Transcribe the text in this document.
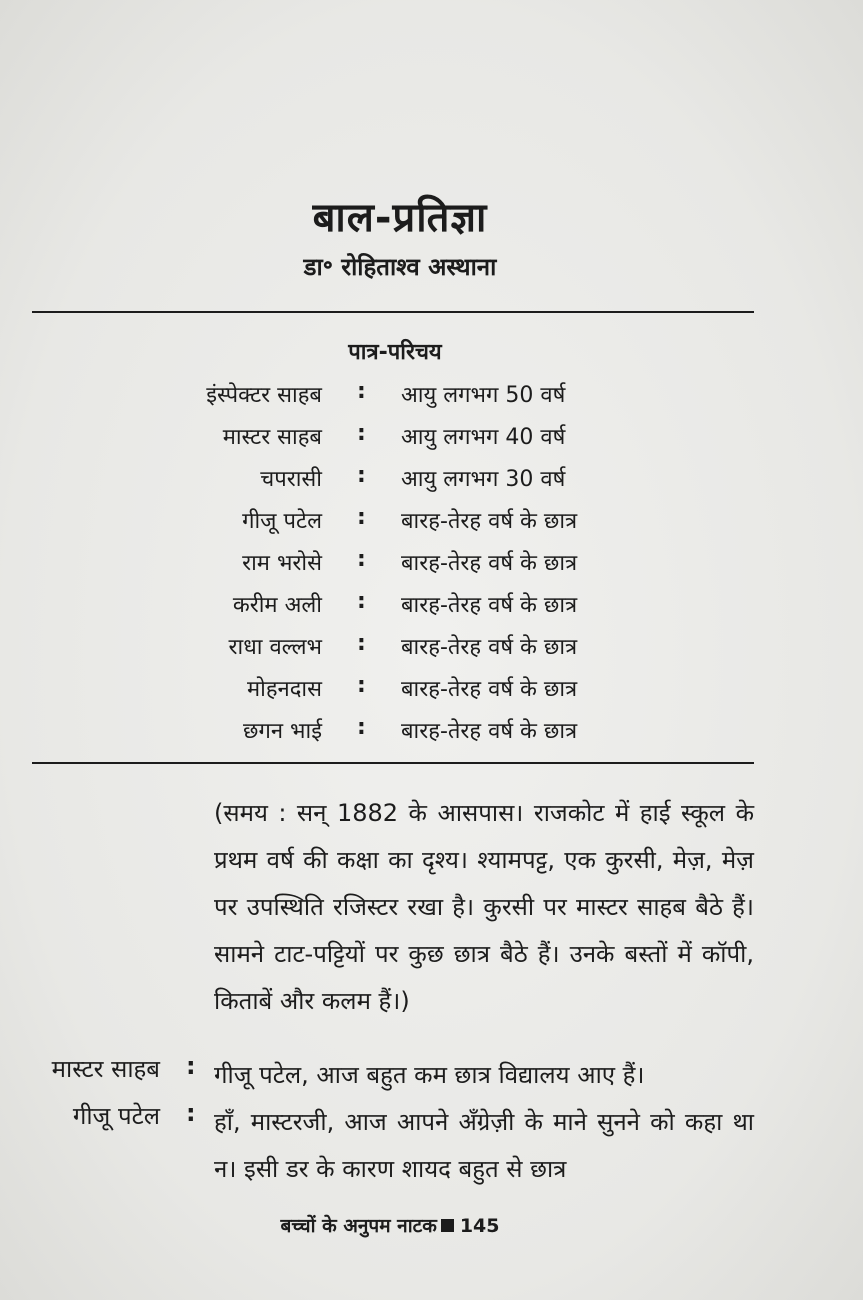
बाल-प्रतिज्ञा
डा॰ रोहिताश्व अस्थाना
पात्र-परिचय
इंस्पेक्टर साहब : आयु लगभग 50 वर्ष
मास्टर साहब : आयु लगभग 40 वर्ष
चपरासी : आयु लगभग 30 वर्ष
गीजू पटेल : बारह-तेरह वर्ष के छात्र
राम भरोसे : बारह-तेरह वर्ष के छात्र
करीम अली : बारह-तेरह वर्ष के छात्र
राधा वल्लभ : बारह-तेरह वर्ष के छात्र
मोहनदास : बारह-तेरह वर्ष के छात्र
छगन भाई : बारह-तेरह वर्ष के छात्र
(समय : सन् 1882 के आसपास। राजकोट में हाई स्कूल के प्रथम वर्ष की कक्षा का दृश्य। श्यामपट्ट, एक कुरसी, मेज़, मेज़ पर उपस्थिति रजिस्टर रखा है। कुरसी पर मास्टर साहब बैठे हैं। सामने टाट-पट्टियों पर कुछ छात्र बैठे हैं। उनके बस्तों में कॉपी, किताबें और कलम हैं।)
मास्टर साहब : गीजू पटेल, आज बहुत कम छात्र विद्यालय आए हैं।
गीजू पटेल : हाँ, मास्टरजी, आज आपने अँग्रेज़ी के माने सुनने को कहा था न। इसी डर के कारण शायद बहुत से छात्र
बच्चों के अनुपम नाटक 145
